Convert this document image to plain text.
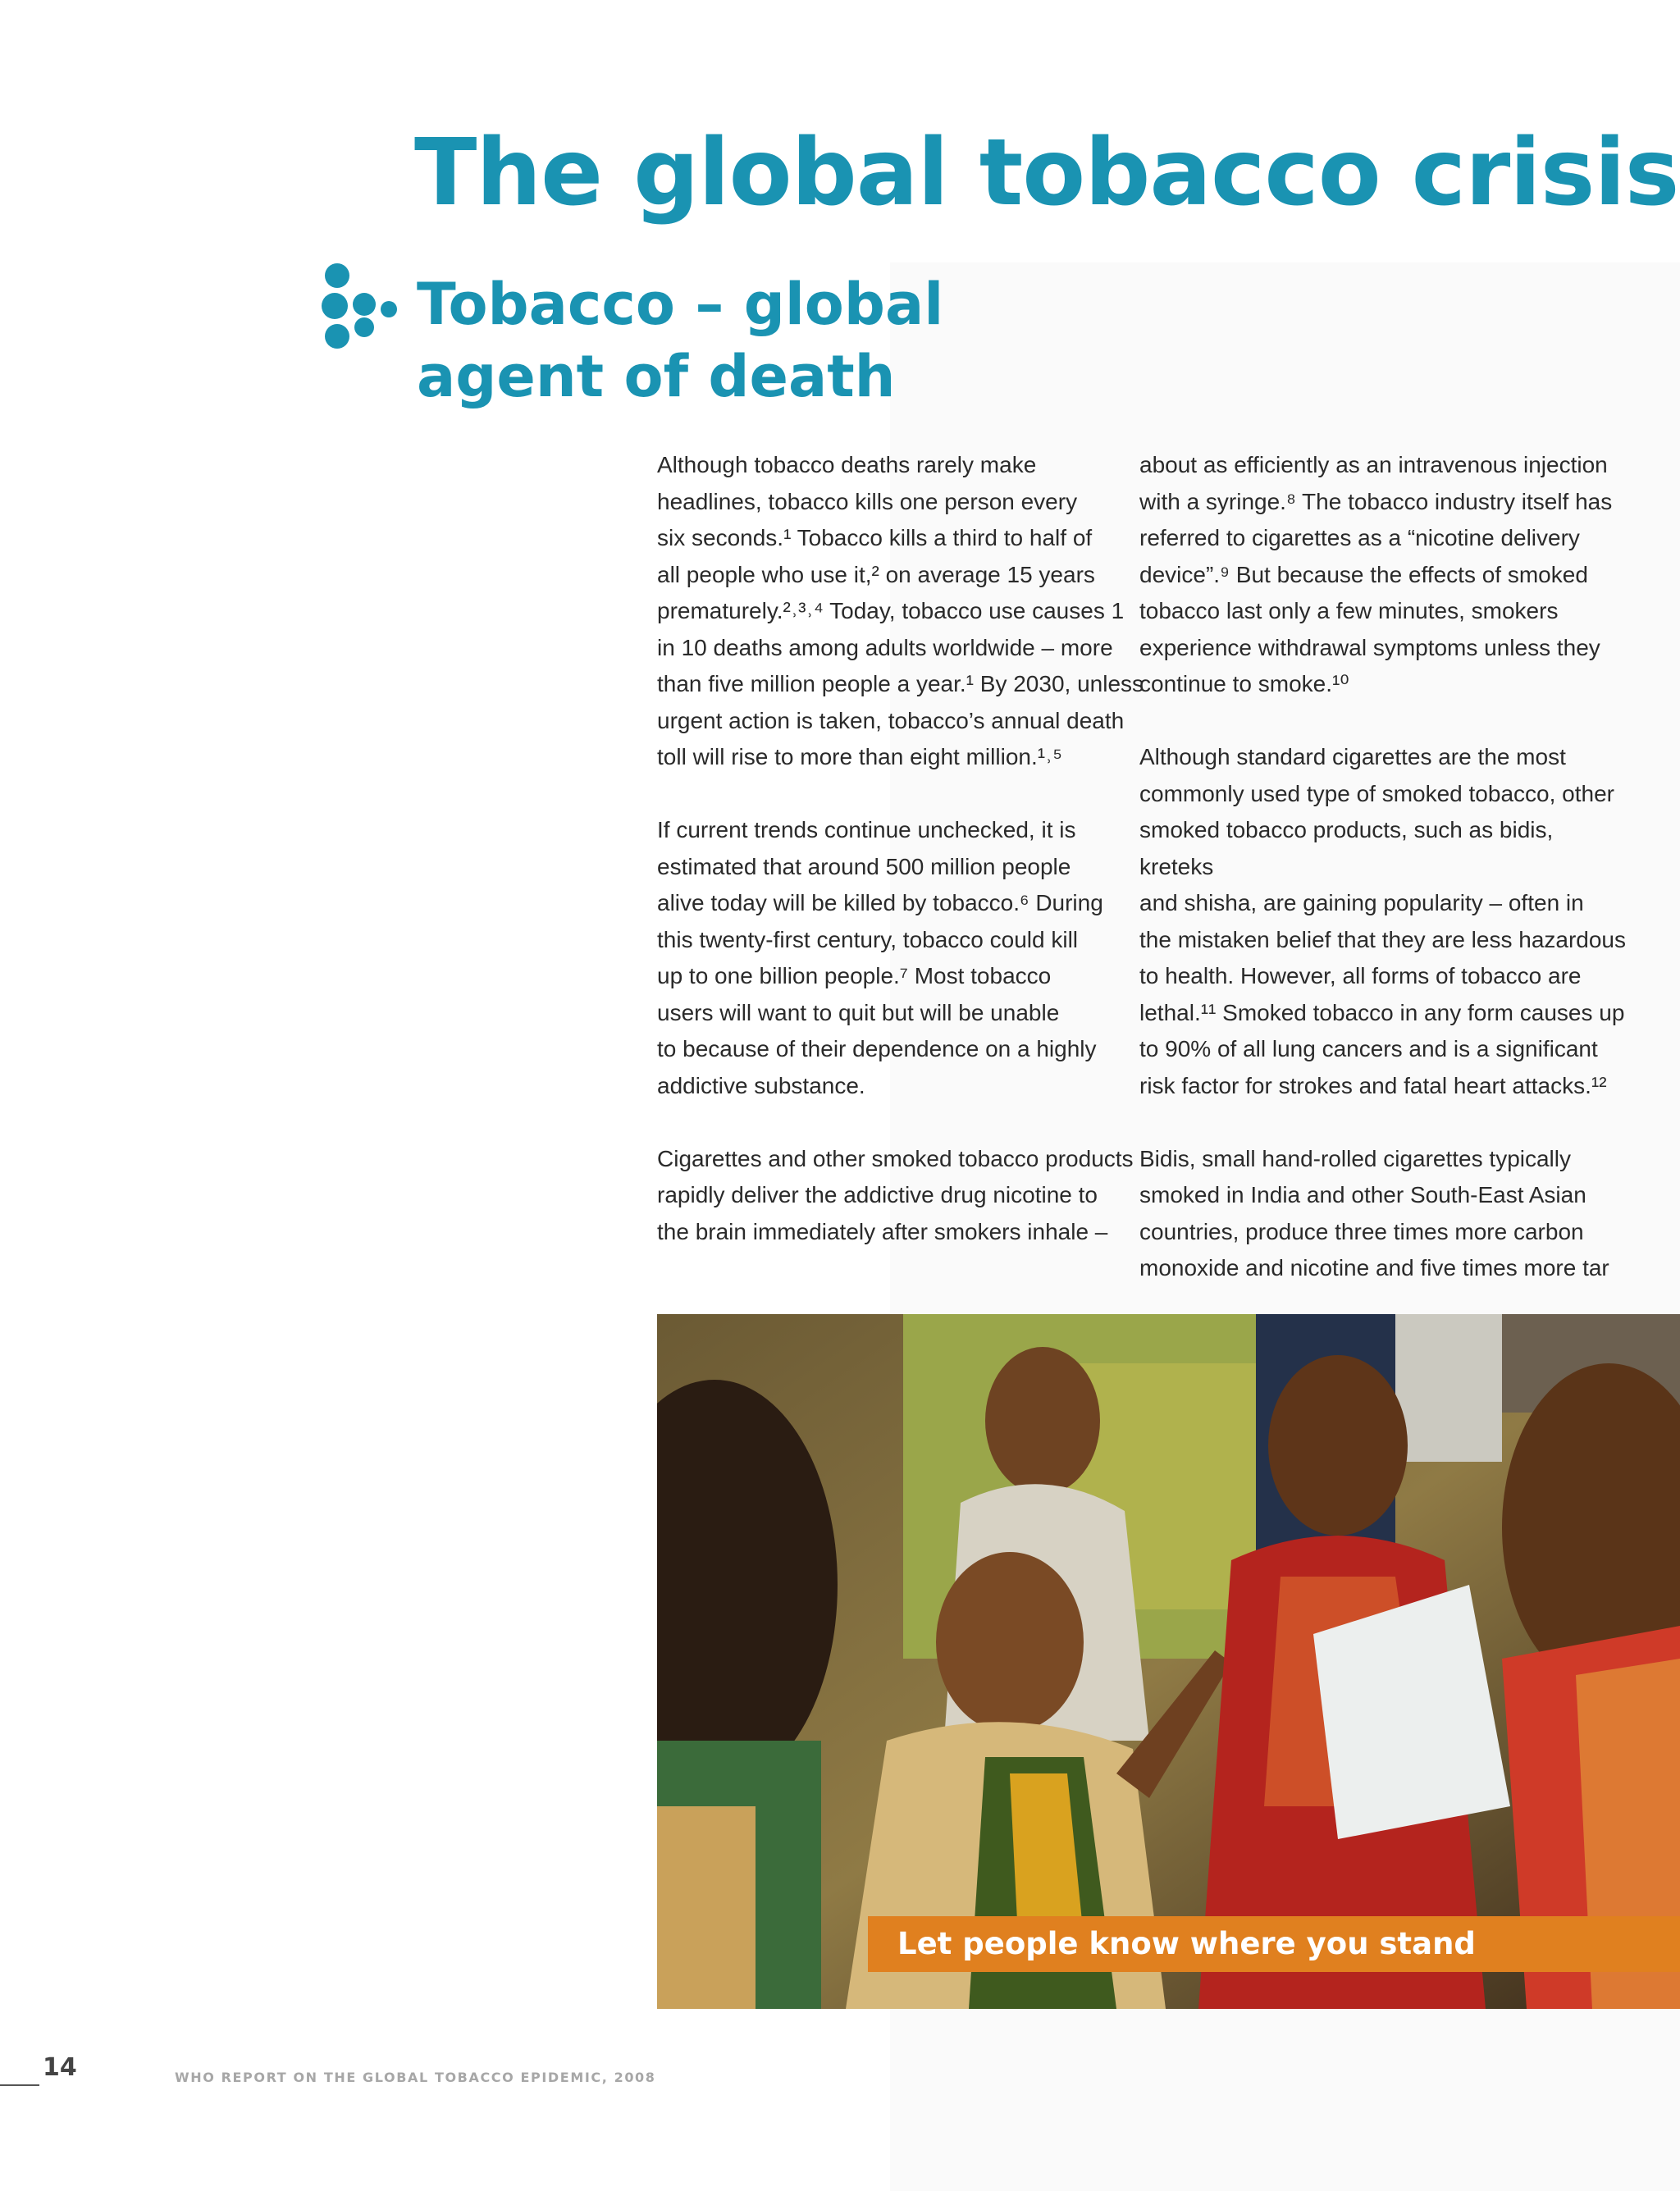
The global tobacco crisis
Tobacco – global
agent of death

Although tobacco deaths rarely make
headlines, tobacco kills one person every
six seconds.¹ Tobacco kills a third to half of
all people who use it,² on average 15 years
prematurely.²˒³˒⁴ Today, tobacco use causes 1
in 10 deaths among adults worldwide – more
than five million people a year.¹ By 2030, unless
urgent action is taken, tobacco’s annual death
toll will rise to more than eight million.¹˒⁵

If current trends continue unchecked, it is
estimated that around 500 million people
alive today will be killed by tobacco.⁶ During
this twenty-first century, tobacco could kill
up to one billion people.⁷ Most tobacco
users will want to quit but will be unable
to because of their dependence on a highly
addictive substance.

Cigarettes and other smoked tobacco products
rapidly deliver the addictive drug nicotine to
the brain immediately after smokers inhale –

about as efficiently as an intravenous injection
with a syringe.⁸ The tobacco industry itself has
referred to cigarettes as a “nicotine delivery
device”.⁹ But because the effects of smoked
tobacco last only a few minutes, smokers
experience withdrawal symptoms unless they
continue to smoke.¹⁰

Although standard cigarettes are the most
commonly used type of smoked tobacco, other
smoked tobacco products, such as bidis, kreteks
and shisha, are gaining popularity – often in
the mistaken belief that they are less hazardous
to health. However, all forms of tobacco are
lethal.¹¹ Smoked tobacco in any form causes up
to 90% of all lung cancers and is a significant
risk factor for strokes and fatal heart attacks.¹²

Bidis, small hand-rolled cigarettes typically
smoked in India and other South-East Asian
countries, produce three times more carbon
monoxide and nicotine and five times more tar

Let people know where you stand
14	WHO REPORT ON THE GLOBAL TOBACCO EPIDEMIC, 2008
